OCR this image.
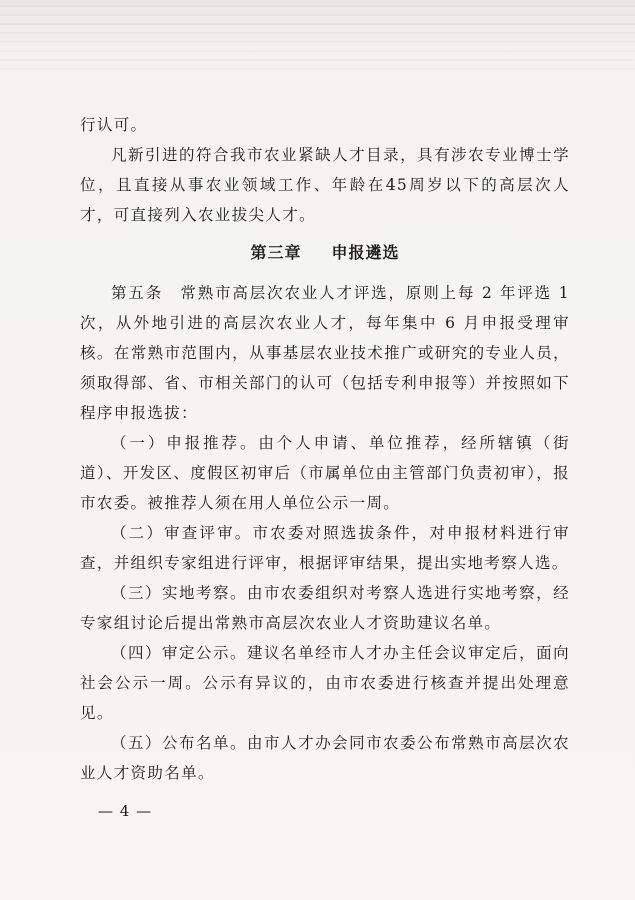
行认可。

凡新引进的符合我市农业紧缺人才目录，具有涉农专业博士学位，且直接从事农业领域工作、年龄在45周岁以下的高层次人才，可直接列入农业拔尖人才。

第三章 申报遴选

第五条　常熟市高层次农业人才评选，原则上每 2 年评选 1 次，从外地引进的高层次农业人才，每年集中 6 月申报受理审核。在常熟市范围内，从事基层农业技术推广或研究的专业人员，须取得部、省、市相关部门的认可（包括专利申报等）并按照如下程序申报选拔：

（一）申报推荐。由个人申请、单位推荐，经所辖镇（街道）、开发区、度假区初审后（市属单位由主管部门负责初审），报市农委。被推荐人须在用人单位公示一周。

（二）审查评审。市农委对照选拔条件，对申报材料进行审查，并组织专家组进行评审，根据评审结果，提出实地考察人选。

（三）实地考察。由市农委组织对考察人选进行实地考察，经专家组讨论后提出常熟市高层次农业人才资助建议名单。

（四）审定公示。建议名单经市人才办主任会议审定后，面向社会公示一周。公示有异议的，由市农委进行核查并提出处理意见。

（五）公布名单。由市人才办会同市农委公布常熟市高层次农业人才资助名单。

— 4 —
